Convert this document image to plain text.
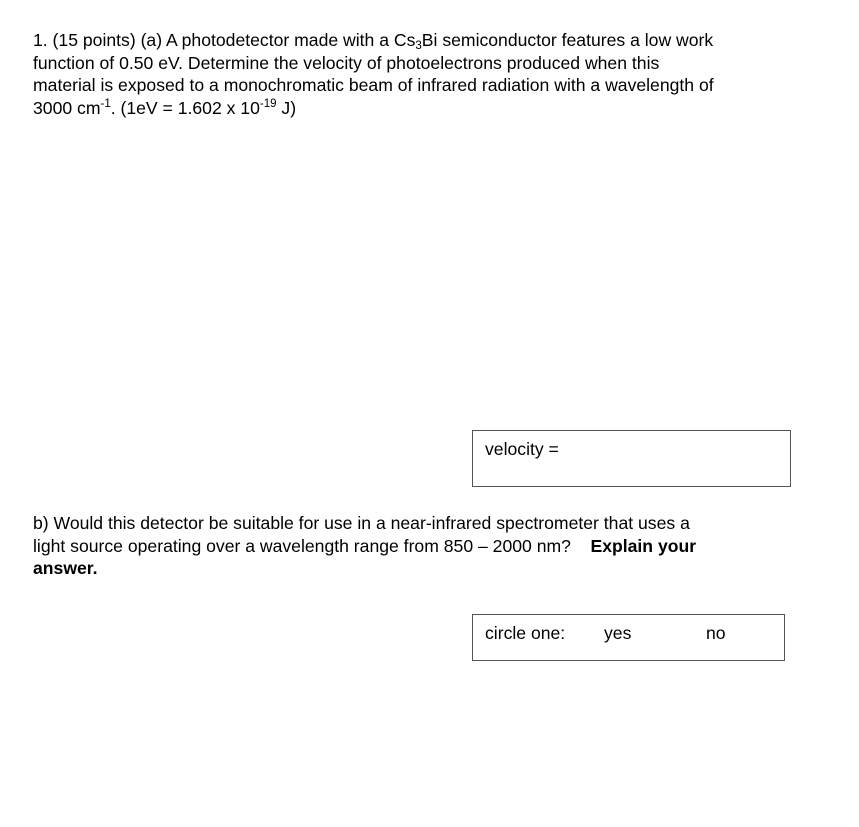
1. (15 points) (a) A photodetector made with a $Cs_3Bi$ semiconductor features a low work
function of 0.50 eV. Determine the velocity of photoelectrons produced when this
material is exposed to a monochromatic beam of infrared radiation with a wavelength of
3000 $cm^{-1}$. (1eV = 1.602 x $10^{-19}$ J)
velocity =
b) Would this detector be suitable for use in a near-infrared spectrometer that uses a
light source operating over a wavelength range from 850 – 2000 nm?    Explain your
answer.
circle one: yes	no
